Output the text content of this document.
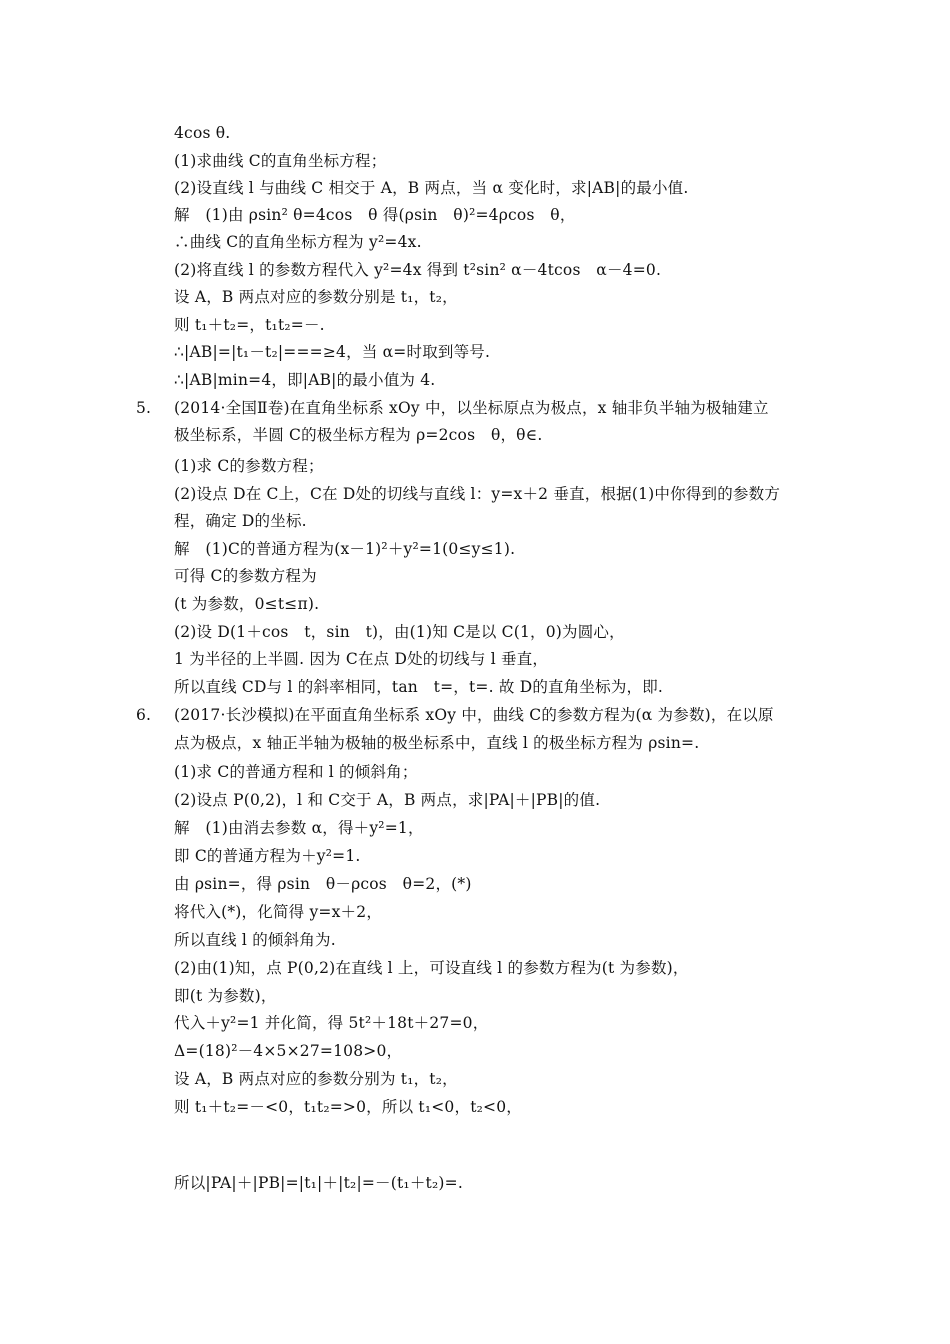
4cos θ.
(1)求曲线 C的直角坐标方程；
(2)设直线 l 与曲线 C 相交于 A，B 两点，当 α 变化时，求|AB|的最小值.
解　(1)由 ρsin² θ=4cos　θ 得(ρsin　θ)²=4ρcos　θ，
∴曲线 C的直角坐标方程为 y²=4x.
(2)将直线 l 的参数方程代入 y²=4x 得到 t²sin² α－4tcos　α－4=0.
设 A，B 两点对应的参数分别是 t₁，t₂，
则 t₁＋t₂=，t₁t₂=－.
∴|AB|=|t₁－t₂|===≥4，当 α=时取到等号.
∴|AB|min=4，即|AB|的最小值为 4.
5. (2014·全国Ⅱ卷)在直角坐标系 xOy 中，以坐标原点为极点，x 轴非负半轴为极轴建立
极坐标系，半圆 C的极坐标方程为 ρ=2cos　θ，θ∈.
(1)求 C的参数方程；
(2)设点 D在 C上，C在 D处的切线与直线 l：y=x＋2 垂直，根据(1)中你得到的参数方
程，确定 D的坐标.
解　(1)C的普通方程为(x－1)²＋y²=1(0≤y≤1).
可得 C的参数方程为
(t 为参数，0≤t≤π).
(2)设 D(1＋cos　t，sin　t)，由(1)知 C是以 C(1，0)为圆心，
1 为半径的上半圆. 因为 C在点 D处的切线与 l 垂直，
所以直线 CD与 l 的斜率相同，tan　t=，t=. 故 D的直角坐标为，即.
6. (2017·长沙模拟)在平面直角坐标系 xOy 中，曲线 C的参数方程为(α 为参数)，在以原
点为极点，x 轴正半轴为极轴的极坐标系中，直线 l 的极坐标方程为 ρsin=.
(1)求 C的普通方程和 l 的倾斜角；
(2)设点 P(0,2)，l 和 C交于 A，B 两点，求|PA|＋|PB|的值.
解　(1)由消去参数 α，得＋y²=1，
即 C的普通方程为＋y²=1.
由 ρsin=，得 ρsin　θ－ρcos　θ=2，(*)
将代入(*)，化简得 y=x＋2，
所以直线 l 的倾斜角为.
(2)由(1)知，点 P(0,2)在直线 l 上，可设直线 l 的参数方程为(t 为参数)，
即(t 为参数)，
代入＋y²=1 并化简，得 5t²＋18t＋27=0，
Δ=(18)²－4×5×27=108>0，
设 A，B 两点对应的参数分别为 t₁，t₂，
则 t₁＋t₂=－<0，t₁t₂=>0，所以 t₁<0，t₂<0，
所以|PA|＋|PB|=|t₁|＋|t₂|=－(t₁＋t₂)=.
